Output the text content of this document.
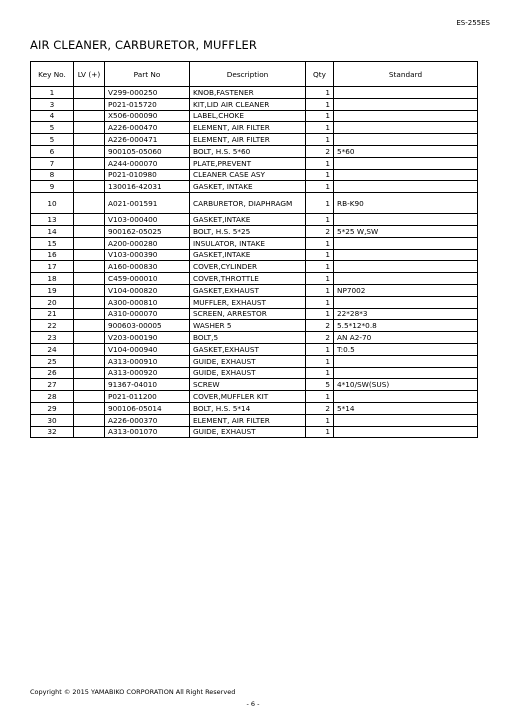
ES-255ES
AIR CLEANER, CARBURETOR, MUFFLER
Key No.	LV (+)	Part No	Description	Qty	Standard
1		V299-000250	KNOB,FASTENER	1	
3		P021-015720	KIT,LID AIR CLEANER	1	
4		X506-000090	LABEL,CHOKE	1	
5		A226-000470	ELEMENT, AIR FILTER	1	
5		A226-000471	ELEMENT, AIR FILTER	1	
6		900105-05060	BOLT, H.S. 5*60	2	5*60
7		A244-000070	PLATE,PREVENT	1	
8		P021-010980	CLEANER CASE ASY	1	
9		130016-42031	GASKET, INTAKE	1	
10		A021-001591	CARBURETOR, DIAPHRAGM	1	RB-K90
13		V103-000400	GASKET,INTAKE	1	
14		900162-05025	BOLT, H.S. 5*25	2	5*25 W,SW
15		A200-000280	INSULATOR, INTAKE	1	
16		V103-000390	GASKET,INTAKE	1	
17		A160-000830	COVER,CYLINDER	1	
18		C459-000010	COVER,THROTTLE	1	
19		V104-000820	GASKET,EXHAUST	1	NP7002
20		A300-000810	MUFFLER, EXHAUST	1	
21		A310-000070	SCREEN, ARRESTOR	1	22*28*3
22		900603-00005	WASHER 5	2	5.5*12*0.8
23		V203-000190	BOLT,5	2	AN A2-70
24		V104-000940	GASKET,EXHAUST	1	T:0.5
25		A313-000910	GUIDE, EXHAUST	1	
26		A313-000920	GUIDE, EXHAUST	1	
27		91367-04010	SCREW	5	4*10/SW(SUS)
28		P021-011200	COVER,MUFFLER KIT	1	
29		900106-05014	BOLT, H.S. 5*14	2	5*14
30		A226-000370	ELEMENT, AIR FILTER	1	
32		A313-001070	GUIDE, EXHAUST	1	
Copyright © 2015 YAMABIKO CORPORATION All Right Reserved
- 6 -
